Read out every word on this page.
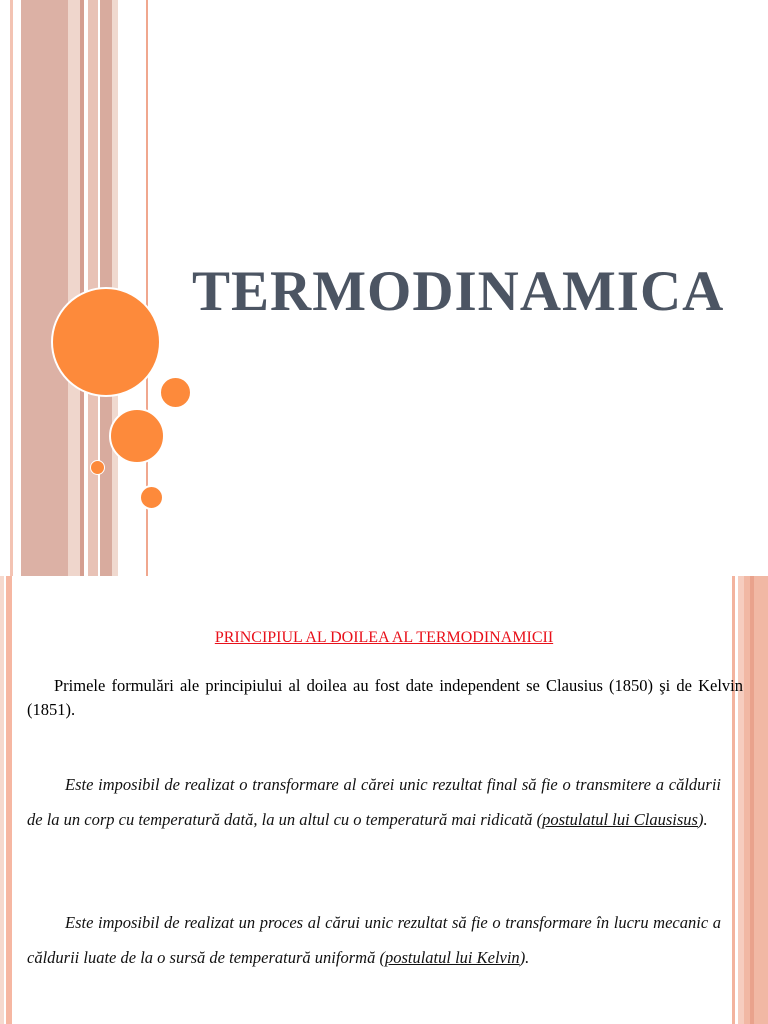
TERMODINAMICA
PRINCIPIUL AL DOILEA AL TERMODINAMICII
Primele formulări ale principiului al doilea au fost date independent se Clausius (1850) şi de Kelvin (1851).
Este imposibil de realizat o transformare al cărei unic rezultat final să fie o transmitere a căldurii de la un corp cu temperatură dată, la un altul cu o temperatură mai ridicată (postulatul lui Clausisus).
Este imposibil de realizat un proces al cărui unic rezultat să fie o transformare în lucru mecanic a căldurii luate de la o sursă de temperatură uniformă (postulatul lui Kelvin).
